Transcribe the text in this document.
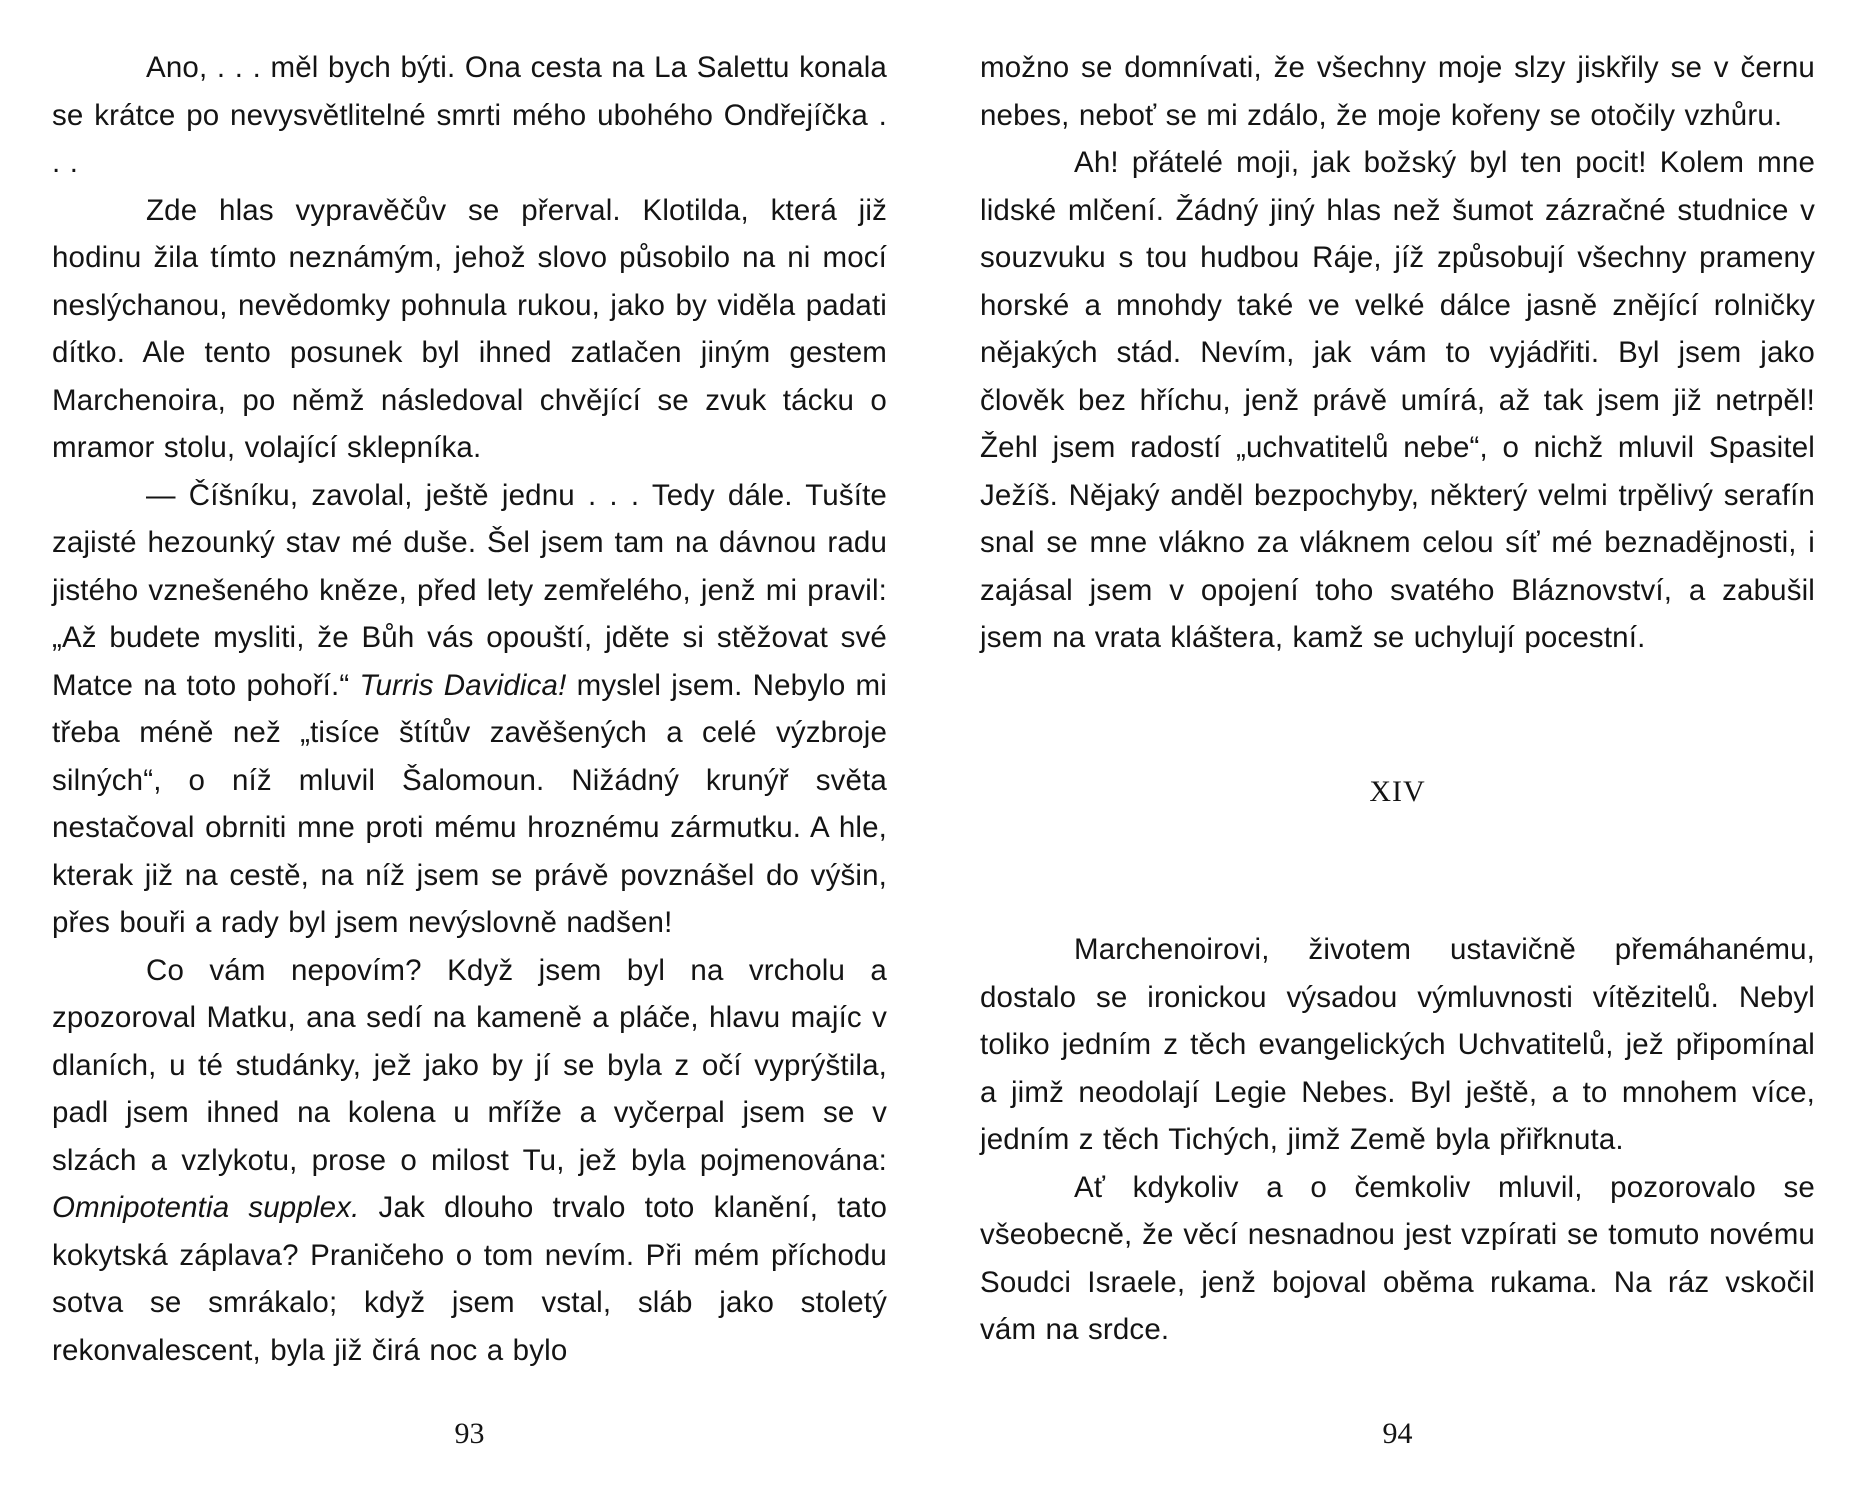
Ano, . . . měl bych býti. Ona cesta na La Salettu konala se krátce po nevysvětlitelné smrti mého ubohého Ondřejíčka . . .

Zde hlas vypravěčův se přerval. Klotilda, která již hodinu žila tímto neznámým, jehož slovo působilo na ni mocí neslýchanou, nevědomky pohnula rukou, jako by viděla padati dítko. Ale tento posunek byl ihned zatlačen jiným gestem Marchenoira, po němž následoval chvějící se zvuk tácku o mramor stolu, volající sklepníka.

— Číšníku, zavolal, ještě jednu . . . Tedy dále. Tušíte zajisté hezounký stav mé duše. Šel jsem tam na dávnou radu jistého vznešeného kněze, před lety zemřelého, jenž mi pravil: „Až budete mysliti, že Bůh vás opouští, jděte si stěžovat své Matce na toto pohoří.“ Turris Davidica! myslel jsem. Nebylo mi třeba méně než „tisíce štítův zavěšených a celé výzbroje silných“, o níž mluvil Šalomoun. Nižádný krunýř světa nestačoval obrniti mne proti mému hroznému zármutku. A hle, kterak již na cestě, na níž jsem se právě povznášel do výšin, přes bouři a rady byl jsem nevýslovně nadšen!

Co vám nepovím? Když jsem byl na vrcholu a zpozoroval Matku, ana sedí na kameně a pláče, hlavu majíc v dlaních, u té studánky, jež jako by jí se byla z očí vyprýštila, padl jsem ihned na kolena u mříže a vyčerpal jsem se v slzách a vzlykotu, prose o milost Tu, jež byla pojmenována: Omnipotentia supplex. Jak dlouho trvalo toto klanění, tato kokytská záplava? Praničeho o tom nevím. Při mém příchodu sotva se smrákalo; když jsem vstal, sláb jako stoletý rekonvalescent, byla již čirá noc a bylo

možno se domnívati, že všechny moje slzy jiskřily se v černu nebes, neboť se mi zdálo, že moje kořeny se otočily vzhůru.

Ah! přátelé moji, jak božský byl ten pocit! Kolem mne lidské mlčení. Žádný jiný hlas než šumot zázračné studnice v souzvuku s tou hudbou Ráje, jíž způsobují všechny prameny horské a mnohdy také ve velké dálce jasně znějící rolničky nějakých stád. Nevím, jak vám to vyjádřiti. Byl jsem jako člověk bez hříchu, jenž právě umírá, až tak jsem již netrpěl! Žehl jsem radostí „uchvatitelů nebe“, o nichž mluvil Spasitel Ježíš. Nějaký anděl bezpochyby, některý velmi trpělivý serafín snal se mne vlákno za vláknem celou síť mé beznadějnosti, i zajásal jsem v opojení toho svatého Bláznovství, a zabušil jsem na vrata kláštera, kamž se uchylují pocestní.

XIV

Marchenoirovi, životem ustavičně přemáhanému, dostalo se ironickou výsadou výmluvnosti vítězitelů. Nebyl toliko jedním z těch evangelických Uchvatitelů, jež připomínal a jimž neodolají Legie Nebes. Byl ještě, a to mnohem více, jedním z těch Tichých, jimž Země byla přiřknuta.

Ať kdykoliv a o čemkoliv mluvil, pozorovalo se všeobecně, že věcí nesnadnou jest vzpírati se tomuto novému Soudci Israele, jenž bojoval oběma rukama. Na ráz vskočil vám na srdce.

93	94
